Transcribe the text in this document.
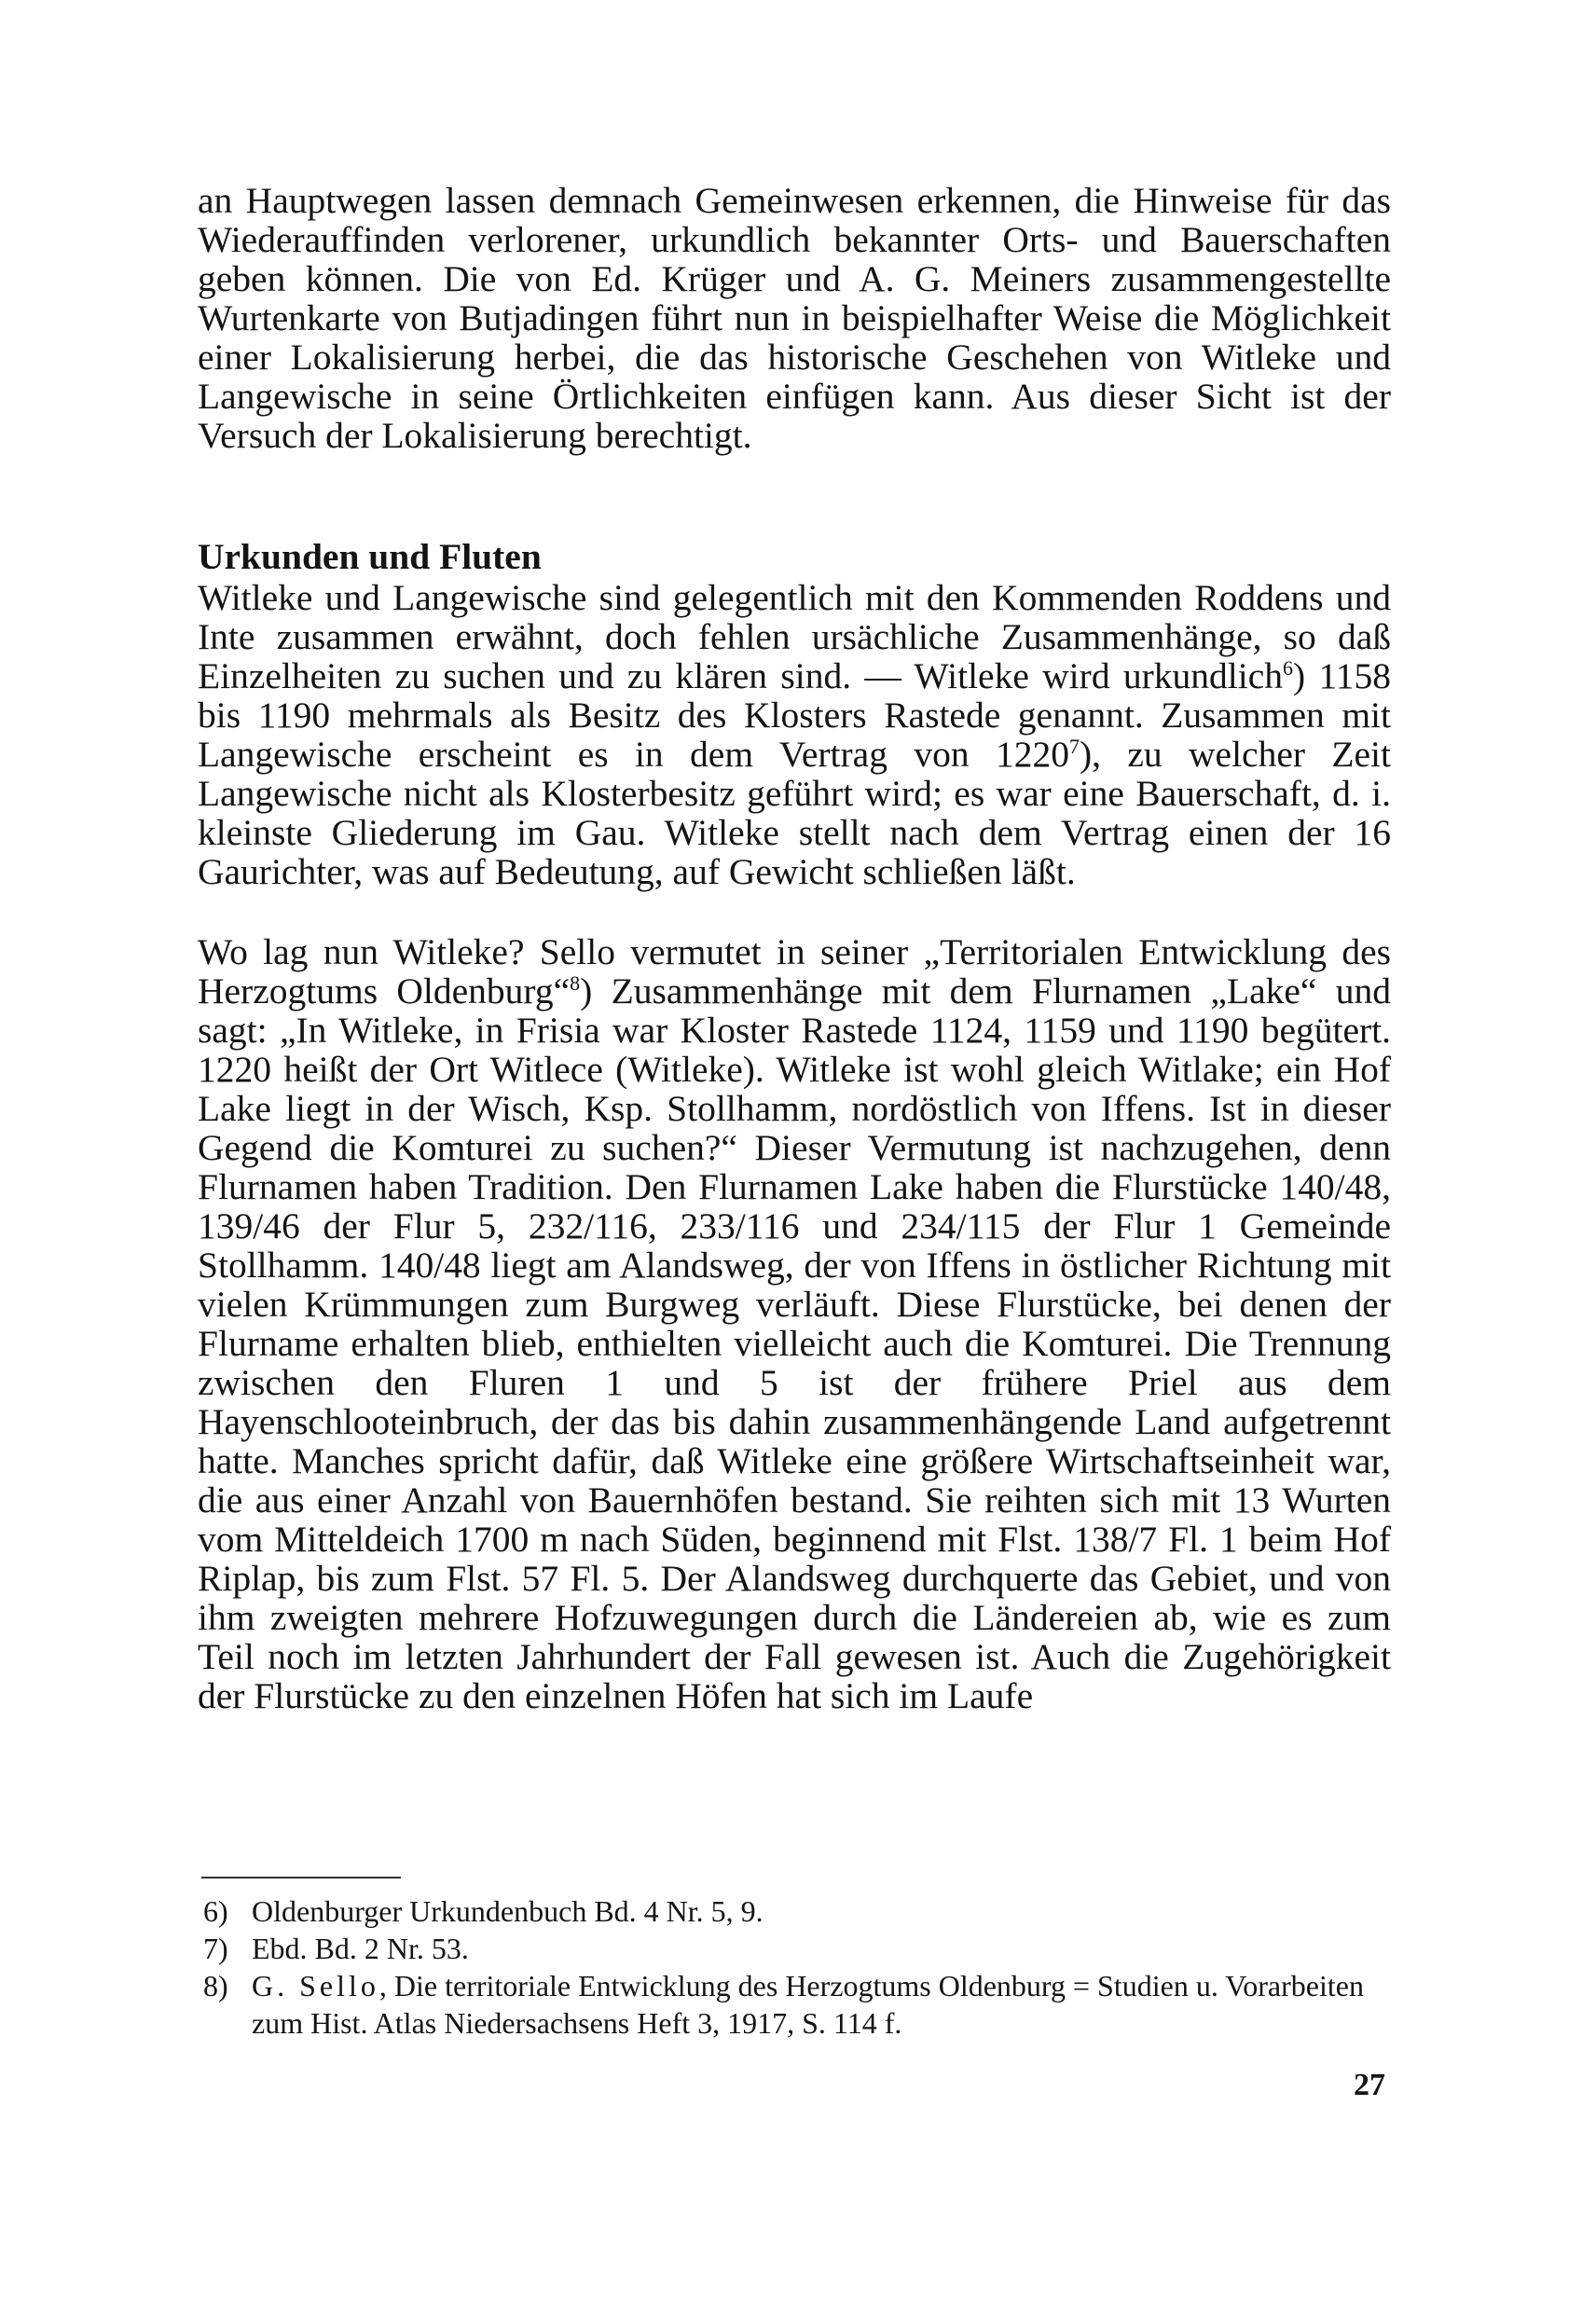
an Hauptwegen lassen demnach Gemeinwesen erkennen, die Hinweise für das Wiederauffinden verlorener, urkundlich bekannter Orts- und Bauerschaften geben können. Die von Ed. Krüger und A. G. Meiners zusammengestellte Wurtenkarte von Butjadingen führt nun in beispielhafter Weise die Möglichkeit einer Lokalisierung herbei, die das historische Geschehen von Witleke und Langewische in seine Örtlichkeiten einfügen kann. Aus dieser Sicht ist der Versuch der Lokalisierung berechtigt.

Urkunden und Fluten

Witleke und Langewische sind gelegentlich mit den Kommenden Roddens und Inte zusammen erwähnt, doch fehlen ursächliche Zusammenhänge, so daß Einzelheiten zu suchen und zu klären sind. — Witleke wird urkundlich$^6$) 1158 bis 1190 mehrmals als Besitz des Klosters Rastede genannt. Zusammen mit Langewische erscheint es in dem Vertrag von 1220$^7$), zu welcher Zeit Langewische nicht als Klosterbesitz geführt wird; es war eine Bauerschaft, d. i. kleinste Gliederung im Gau. Witleke stellt nach dem Vertrag einen der 16 Gaurichter, was auf Bedeutung, auf Gewicht schließen läßt.

Wo lag nun Witleke? Sello vermutet in seiner „Territorialen Entwicklung des Herzogtums Oldenburg“$^8$) Zusammenhänge mit dem Flurnamen „Lake“ und sagt: „In Witleke, in Frisia war Kloster Rastede 1124, 1159 und 1190 begütert. 1220 heißt der Ort Witlece (Witleke). Witleke ist wohl gleich Witlake; ein Hof Lake liegt in der Wisch, Ksp. Stollhamm, nordöstlich von Iffens. Ist in dieser Gegend die Komturei zu suchen?“ Dieser Vermutung ist nachzugehen, denn Flurnamen haben Tradition. Den Flurnamen Lake haben die Flurstücke 140/48, 139/46 der Flur 5, 232/116, 233/116 und 234/115 der Flur 1 Gemeinde Stollhamm. 140/48 liegt am Alandsweg, der von Iffens in östlicher Richtung mit vielen Krümmungen zum Burgweg verläuft. Diese Flurstücke, bei denen der Flurname erhalten blieb, enthielten vielleicht auch die Komturei. Die Trennung zwischen den Fluren 1 und 5 ist der frühere Priel aus dem Hayenschlooteinbruch, der das bis dahin zusammenhängende Land aufgetrennt hatte. Manches spricht dafür, daß Witleke eine größere Wirtschaftseinheit war, die aus einer Anzahl von Bauernhöfen bestand. Sie reihten sich mit 13 Wurten vom Mitteldeich 1700 m nach Süden, beginnend mit Flst. 138/7 Fl. 1 beim Hof Riplap, bis zum Flst. 57 Fl. 5. Der Alandsweg durchquerte das Gebiet, und von ihm zweigten mehrere Hofzuwegungen durch die Ländereien ab, wie es zum Teil noch im letzten Jahrhundert der Fall gewesen ist. Auch die Zugehörigkeit der Flurstücke zu den einzelnen Höfen hat sich im Laufe

6) Oldenburger Urkundenbuch Bd. 4 Nr. 5, 9.
7) Ebd. Bd. 2 Nr. 53.
8) G. Sello, Die territoriale Entwicklung des Herzogtums Oldenburg = Studien u. Vorarbeiten zum Hist. Atlas Niedersachsens Heft 3, 1917, S. 114 f.
27
